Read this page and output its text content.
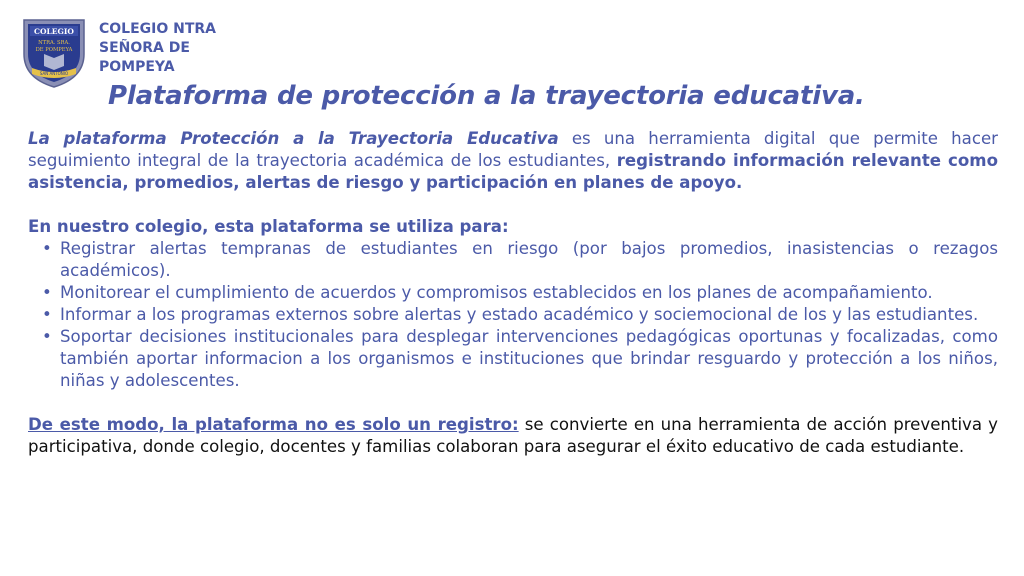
COLEGIO
NTRA. SRA.
DE POMPEYA
SAN ANTONIO
COLEGIO NTRA
SEÑORA DE
POMPEYA
Plataforma de protección a la trayectoria educativa.

La plataforma Protección a la Trayectoria Educativa es una herramienta digital que permite hacer seguimiento integral de la trayectoria académica de los estudiantes, registrando información relevante como asistencia, promedios, alertas de riesgo y participación en planes de apoyo.

En nuestro colegio, esta plataforma se utiliza para:

• Registrar alertas tempranas de estudiantes en riesgo (por bajos promedios, inasistencias o rezagos académicos).
• Monitorear el cumplimiento de acuerdos y compromisos establecidos en los planes de acompañamiento.
• Informar a los programas externos sobre alertas y estado académico y sociemocional de los y las estudiantes.
• Soportar decisiones institucionales para desplegar intervenciones pedagógicas oportunas y focalizadas, como también aportar informacion a los organismos e instituciones que brindar resguardo y protección a los niños, niñas y adolescentes.

De este modo, la plataforma no es solo un registro: se convierte en una herramienta de acción preventiva y participativa, donde colegio, docentes y familias colaboran para asegurar el éxito educativo de cada estudiante.
